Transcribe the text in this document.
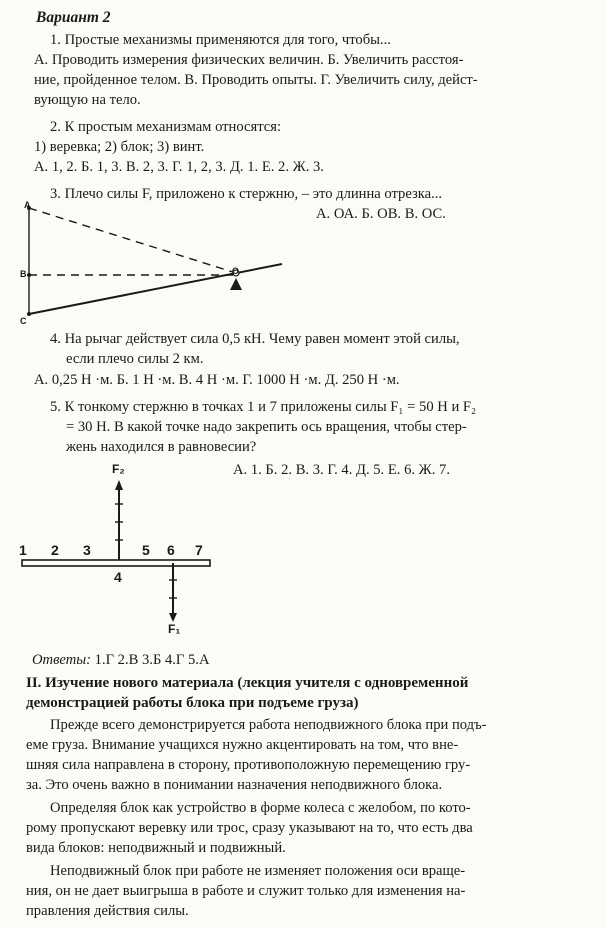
Вариант 2
1. Простые механизмы применяются для того, чтобы...
А. Проводить измерения физических величин. Б. Увеличить расстоя-
ние, пройденное телом. В. Проводить опыты. Г. Увеличить силу, дейст-
вующую на тело.
2. К простым механизмам относятся:
1) веревка; 2) блок; 3) винт.
А. 1, 2. Б. 1, 3. В. 2, 3. Г. 1, 2, 3. Д. 1. Е. 2. Ж. 3.
3. Плечо силы F, приложено к стержню, – это длинна отрезка...
А. ОА. Б. ОВ. В. ОС.
A
B
C
O
4. На рычаг действует сила 0,5 кН. Чему равен момент этой силы,
если плечо силы 2 км.
А. 0,25 Н ·м. Б. 1 Н ·м. В. 4 Н ·м. Г. 1000 Н ·м. Д. 250 Н ·м.
5. К тонкому стержню в точках 1 и 7 приложены силы F₁ = 50 Н и F₂
= 30 Н. В какой точке надо закрепить ось вращения, чтобы стер-
жень находился в равновесии?
А. 1. Б. 2. В. 3. Г. 4. Д. 5. Е. 6. Ж. 7.
F₂
F₁
1 2 3
4
5 6 7
Ответы: 1.Г 2.В 3.Б 4.Г 5.А
II. Изучение нового материала (лекция учителя с одновременной
демонстрацией работы блока при подъеме груза)
Прежде всего демонстрируется работа неподвижного блока при подъ-
еме груза. Внимание учащихся нужно акцентировать на том, что вне-
шняя сила направлена в сторону, противоположную перемещению гру-
за. Это очень важно в понимании назначения неподвижного блока.
Определяя блок как устройство в форме колеса с желобом, по кото-
рому пропускают веревку или трос, сразу указывают на то, что есть два
вида блоков: неподвижный и подвижный.
Неподвижный блок при работе не изменяет положения оси враще-
ния, он не дает выигрыша в работе и служит только для изменения на-
правления действия силы.
